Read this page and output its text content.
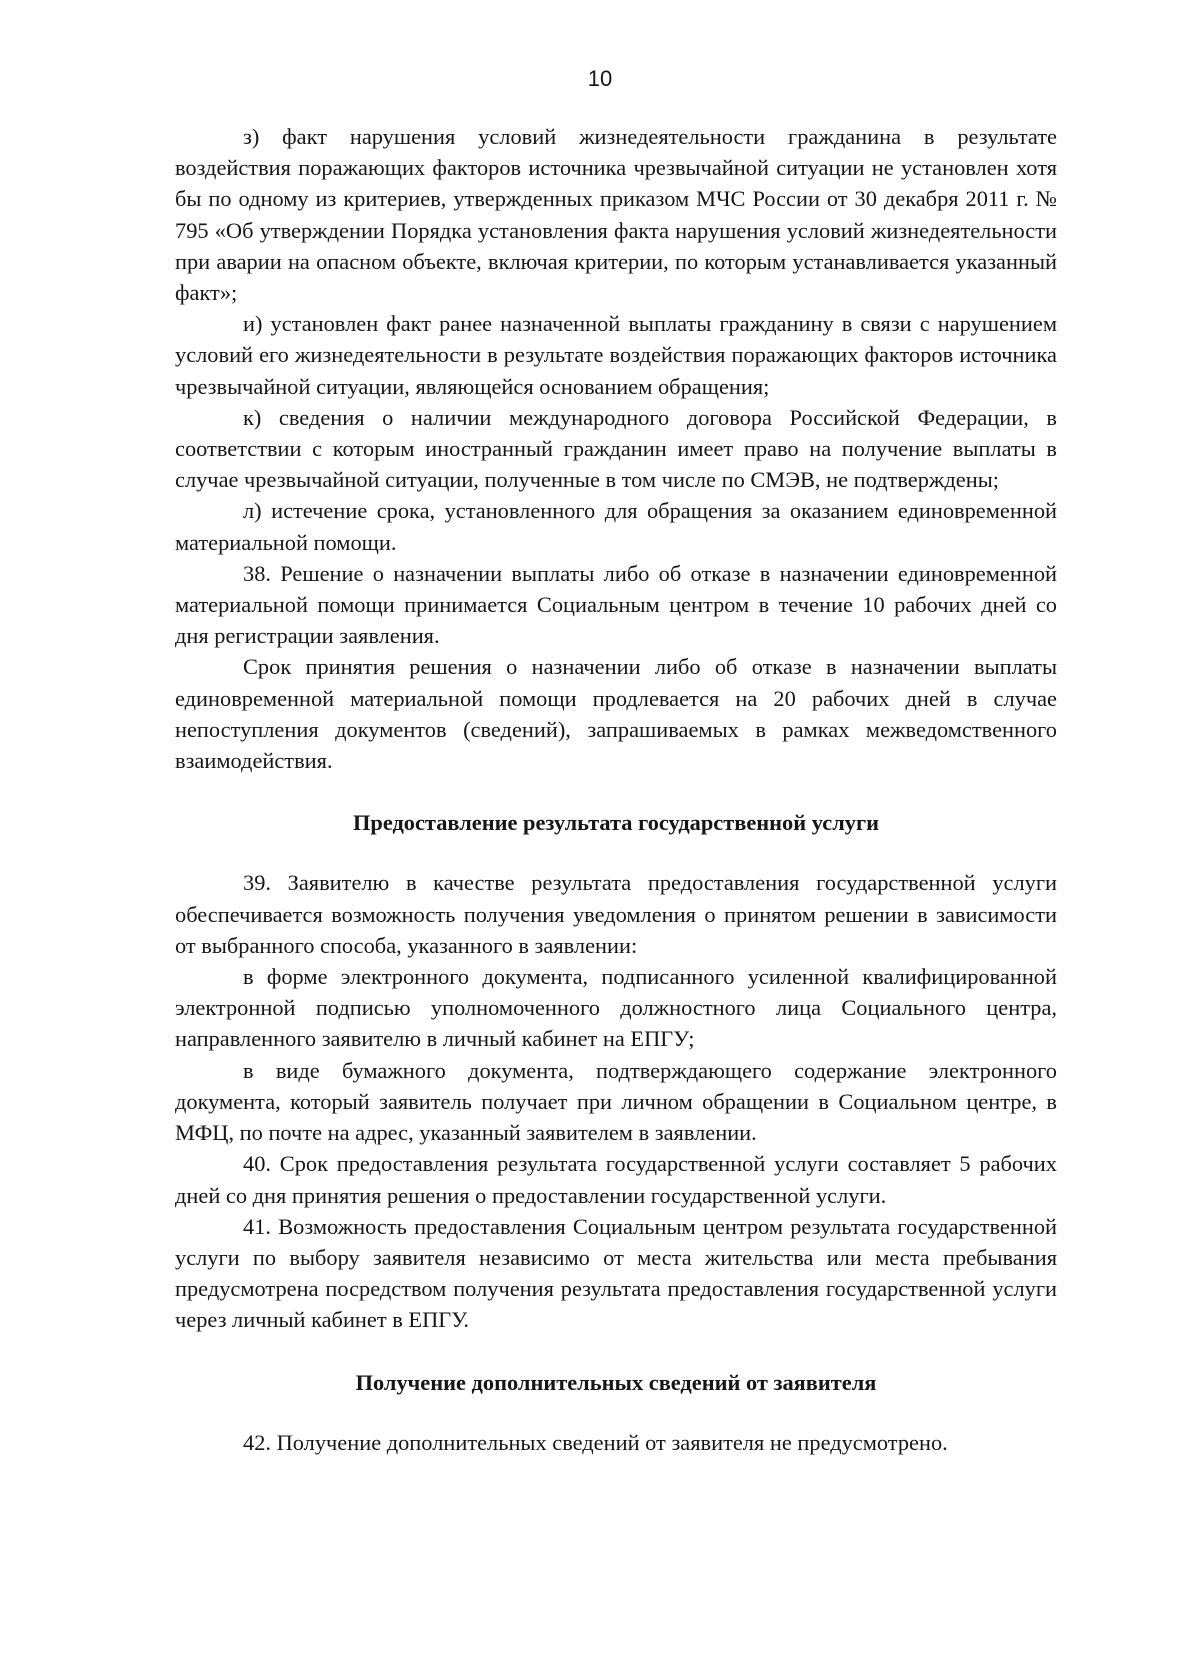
10

з) факт нарушения условий жизнедеятельности гражданина в результате воздействия поражающих факторов источника чрезвычайной ситуации не установлен хотя бы по одному из критериев, утвержденных приказом МЧС России от 30 декабря 2011 г. № 795 «Об утверждении Порядка установления факта нарушения условий жизнедеятельности при аварии на опасном объекте, включая критерии, по которым устанавливается указанный факт»;

и) установлен факт ранее назначенной выплаты гражданину в связи с нарушением условий его жизнедеятельности в результате воздействия поражающих факторов источника чрезвычайной ситуации, являющейся основанием обращения;

к) сведения о наличии международного договора Российской Федерации, в соответствии с которым иностранный гражданин имеет право на получение выплаты в случае чрезвычайной ситуации, полученные в том числе по СМЭВ, не подтверждены;

л) истечение срока, установленного для обращения за оказанием единовременной материальной помощи.

38. Решение о назначении выплаты либо об отказе в назначении единовременной материальной помощи принимается Социальным центром в течение 10 рабочих дней со дня регистрации заявления.

Срок принятия решения о назначении либо об отказе в назначении выплаты единовременной материальной помощи продлевается на 20 рабочих дней в случае непоступления документов (сведений), запрашиваемых в рамках межведомственного взаимодействия.

Предоставление результата государственной услуги

39. Заявителю в качестве результата предоставления государственной услуги обеспечивается возможность получения уведомления о принятом решении в зависимости от выбранного способа, указанного в заявлении:

в форме электронного документа, подписанного усиленной квалифицированной электронной подписью уполномоченного должностного лица Социального центра, направленного заявителю в личный кабинет на ЕПГУ;

в виде бумажного документа, подтверждающего содержание электронного документа, который заявитель получает при личном обращении в Социальном центре, в МФЦ, по почте на адрес, указанный заявителем в заявлении.

40. Срок предоставления результата государственной услуги составляет 5 рабочих дней со дня принятия решения о предоставлении государственной услуги.

41. Возможность предоставления Социальным центром результата государственной услуги по выбору заявителя независимо от места жительства или места пребывания предусмотрена посредством получения результата предоставления государственной услуги через личный кабинет в ЕПГУ.

Получение дополнительных сведений от заявителя

42. Получение дополнительных сведений от заявителя не предусмотрено.
